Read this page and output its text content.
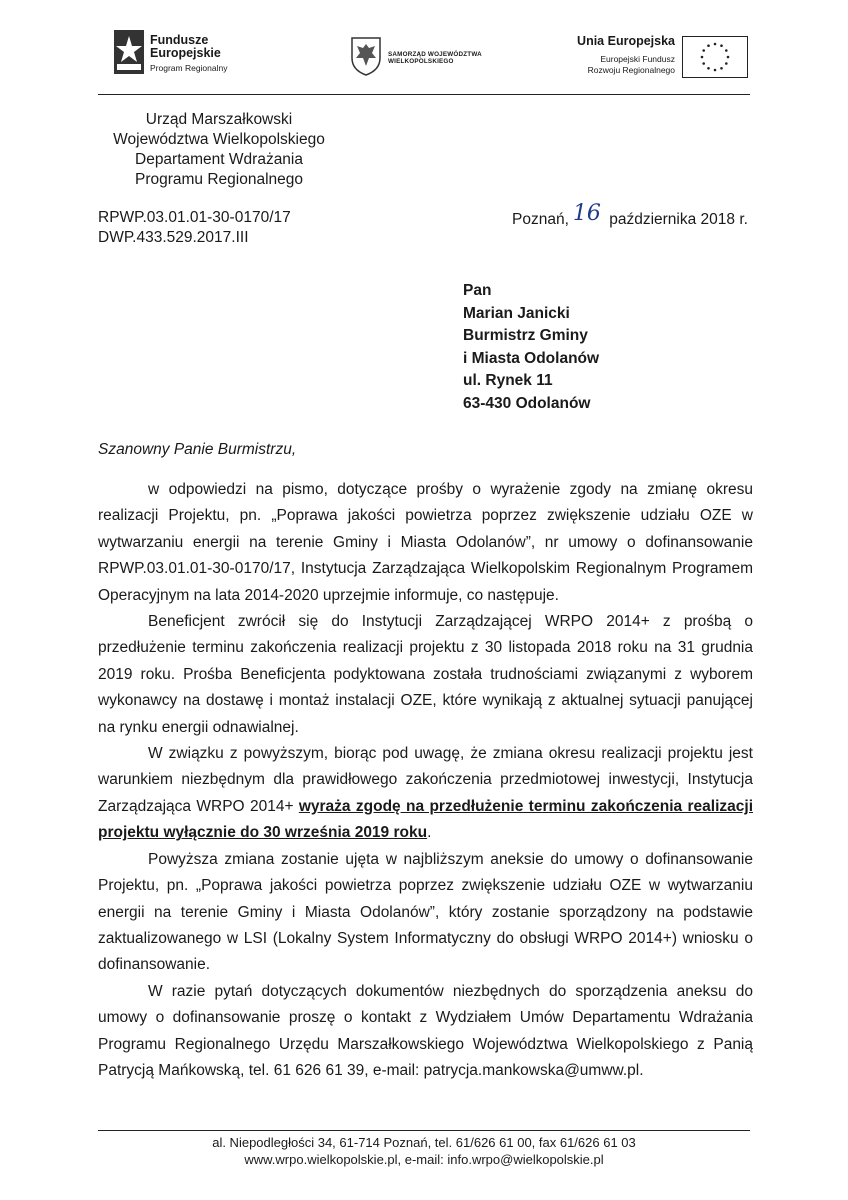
Fundusze
Europejskie
Program Regionalny
SAMORZĄD WOJEWÓDZTWA
WIELKOPOLSKIEGO
Unia Europejska
Europejski Fundusz
Rozwoju Regionalnego
Urząd Marszałkowski
Województwa Wielkopolskiego
Departament Wdrażania
Programu Regionalnego
RPWP.03.01.01-30-0170/17
DWP.433.529.2017.III
Poznań, 16 października 2018 r.
Pan
Marian Janicki
Burmistrz Gminy
i Miasta Odolanów
ul. Rynek 11
63-430 Odolanów
Szanowny Panie Burmistrzu,

w odpowiedzi na pismo, dotyczące prośby o wyrażenie zgody na zmianę okresu realizacji Projektu, pn. „Poprawa jakości powietrza poprzez zwiększenie udziału OZE w wytwarzaniu energii na terenie Gminy i Miasta Odolanów”, nr umowy o dofinansowanie RPWP.03.01.01-30-0170/17, Instytucja Zarządzająca Wielkopolskim Regionalnym Programem Operacyjnym na lata 2014-2020 uprzejmie informuje, co następuje.

Beneficjent zwrócił się do Instytucji Zarządzającej WRPO 2014+ z prośbą o przedłużenie terminu zakończenia realizacji projektu z 30 listopada 2018 roku na 31 grudnia 2019 roku. Prośba Beneficjenta podyktowana została trudnościami związanymi z wyborem wykonawcy na dostawę i montaż instalacji OZE, które wynikają z aktualnej sytuacji panującej na rynku energii odnawialnej.

W związku z powyższym, biorąc pod uwagę, że zmiana okresu realizacji projektu jest warunkiem niezbędnym dla prawidłowego zakończenia przedmiotowej inwestycji, Instytucja Zarządzająca WRPO 2014+ wyraża zgodę na przedłużenie terminu zakończenia realizacji projektu wyłącznie do 30 września 2019 roku.

Powyższa zmiana zostanie ujęta w najbliższym aneksie do umowy o dofinansowanie Projektu, pn. „Poprawa jakości powietrza poprzez zwiększenie udziału OZE w wytwarzaniu energii na terenie Gminy i Miasta Odolanów”, który zostanie sporządzony na podstawie zaktualizowanego w LSI (Lokalny System Informatyczny do obsługi WRPO 2014+) wniosku o dofinansowanie.

W razie pytań dotyczących dokumentów niezbędnych do sporządzenia aneksu do umowy o dofinansowanie proszę o kontakt z Wydziałem Umów Departamentu Wdrażania Programu Regionalnego Urzędu Marszałkowskiego Województwa Wielkopolskiego z Panią Patrycją Mańkowską, tel. 61 626 61 39, e-mail: patrycja.mankowska@umww.pl.

al. Niepodległości 34, 61-714 Poznań, tel. 61/626 61 00, fax 61/626 61 03
www.wrpo.wielkopolskie.pl, e-mail: info.wrpo@wielkopolskie.pl
